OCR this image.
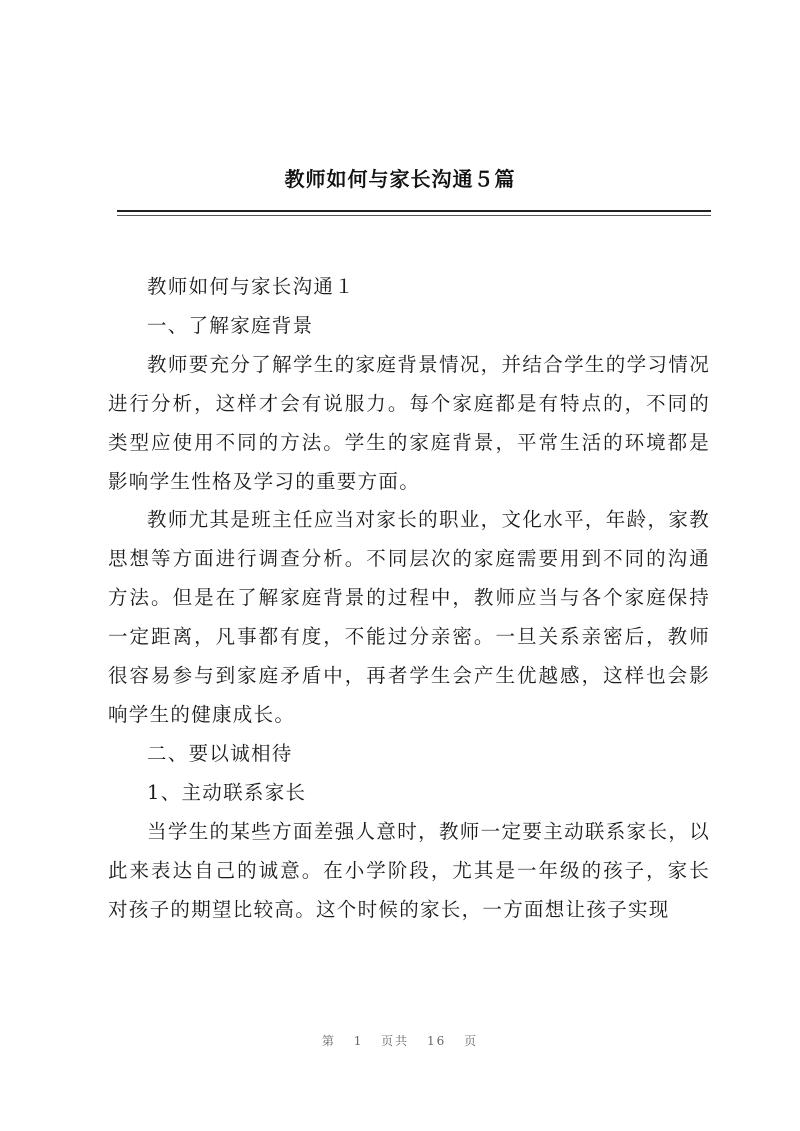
教师如何与家长沟通５篇

教师如何与家长沟通１

一、了解家庭背景

教师要充分了解学生的家庭背景情况，并结合学生的学习情况进行分析，这样才会有说服力。每个家庭都是有特点的，不同的类型应使用不同的方法。学生的家庭背景，平常生活的环境都是影响学生性格及学习的重要方面。

教师尤其是班主任应当对家长的职业，文化水平，年龄，家教思想等方面进行调查分析。不同层次的家庭需要用到不同的沟通方法。但是在了解家庭背景的过程中，教师应当与各个家庭保持一定距离，凡事都有度，不能过分亲密。一旦关系亲密后，教师很容易参与到家庭矛盾中，再者学生会产生优越感，这样也会影响学生的健康成长。

二、要以诚相待

1、主动联系家长

当学生的某些方面差强人意时，教师一定要主动联系家长，以此来表达自己的诚意。在小学阶段，尤其是一年级的孩子，家长对孩子的期望比较高。这个时候的家长，一方面想让孩子实现

第 1 页共 16 页
